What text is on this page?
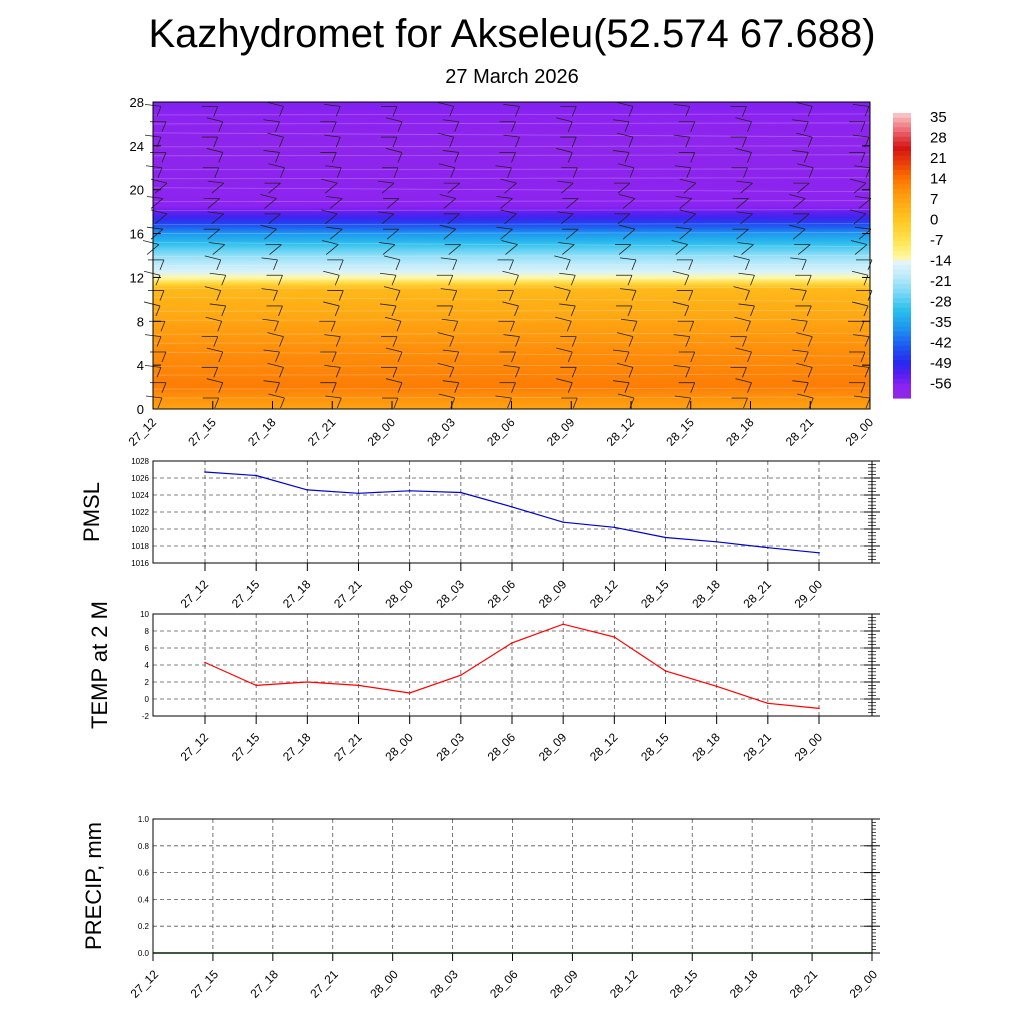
Kazhydromet for Akseleu(52.574 67.688)
27 March 2026
0
4
8
12
16
20
24
28
27_12 27_15 27_18 27_21 28_00 28_03 28_06 28_09 28_12 28_15 28_18 28_21 29_00
35
28
21
14
7
0
-7
-14
-21
-28
-35
-42
-49
-56
1016
1018
1020
1022
1024
1026
1028
27_12 27_15 27_18 27_21 28_00 28_03 28_06 28_09 28_12 28_15 28_18 28_21 29_00
PMSL
-2
0
2
4
6
8
10
27_12 27_15 27_18 27_21 28_00 28_03 28_06 28_09 28_12 28_15 28_18 28_21 29_00
TEMP at 2 M
0.0
0.2
0.4
0.6
0.8
1.0
27_12 27_15 27_18 27_21 28_00 28_03 28_06 28_09 28_12 28_15 28_18 28_21 29_00
PRECIP, mm
